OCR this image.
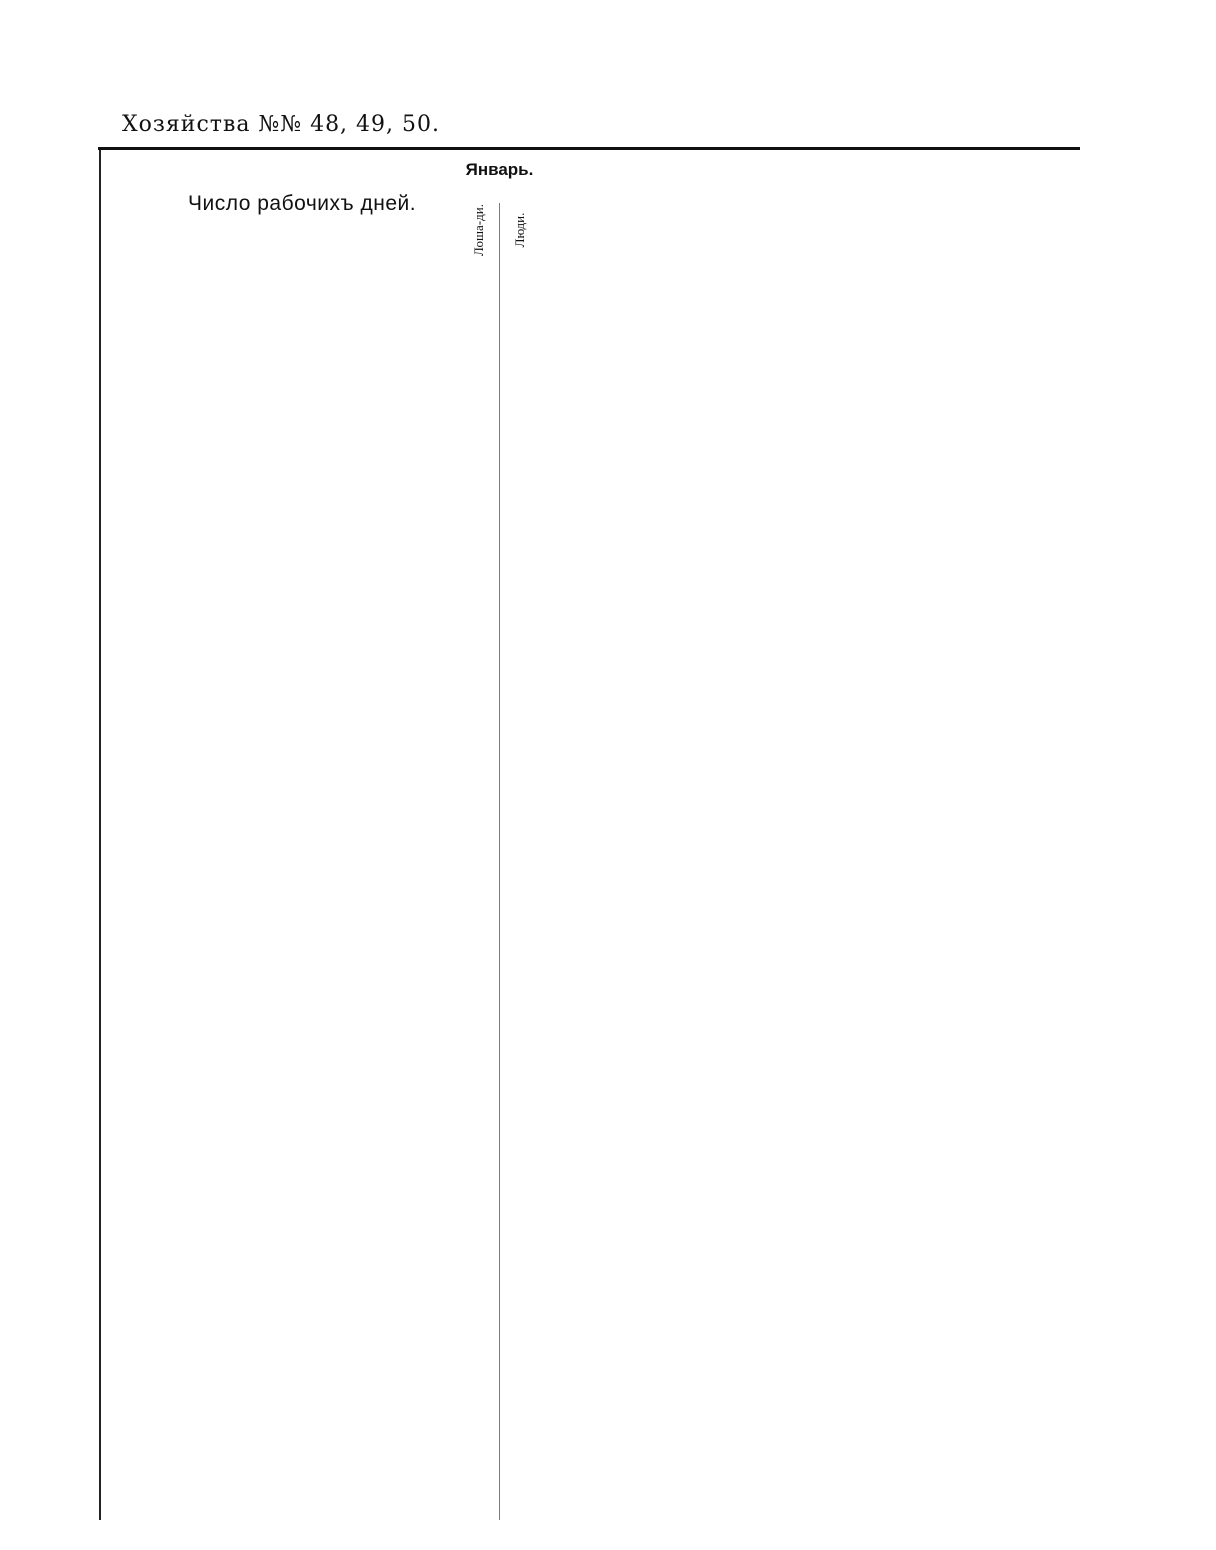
Хозяйства №№ 48, 49, 50.
Число рабочихъ дней.
Январь.
Лоша-ди. Люди.
